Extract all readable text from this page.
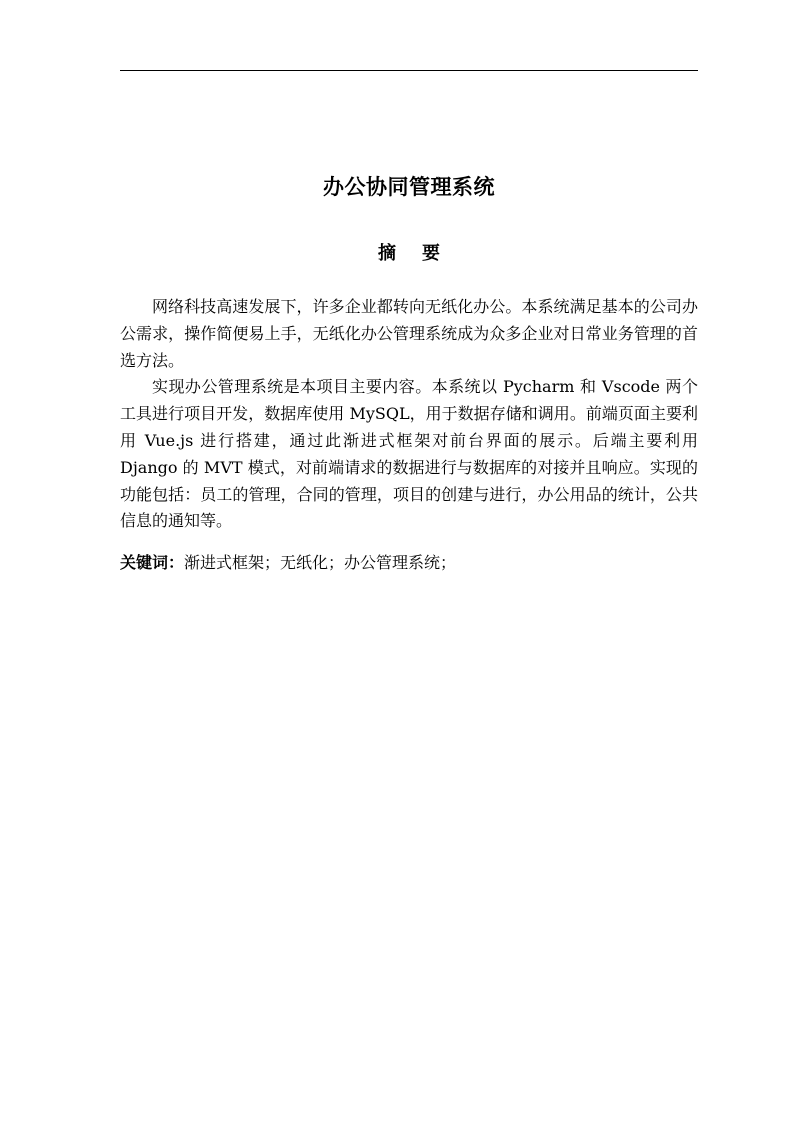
办公协同管理系统
摘 要

网络科技高速发展下，许多企业都转向无纸化办公。本系统满足基本的公司办公需求，操作简便易上手，无纸化办公管理系统成为众多企业对日常业务管理的首选方法。

实现办公管理系统是本项目主要内容。本系统以 Pycharm 和 Vscode 两个工具进行项目开发，数据库使用 MySQL，用于数据存储和调用。前端页面主要利用 Vue.js 进行搭建，通过此渐进式框架对前台界面的展示。后端主要利用 Django 的 MVT 模式，对前端请求的数据进行与数据库的对接并且响应。实现的功能包括：员工的管理，合同的管理，项目的创建与进行，办公用品的统计，公共信息的通知等。

关键词：渐进式框架；无纸化；办公管理系统；
